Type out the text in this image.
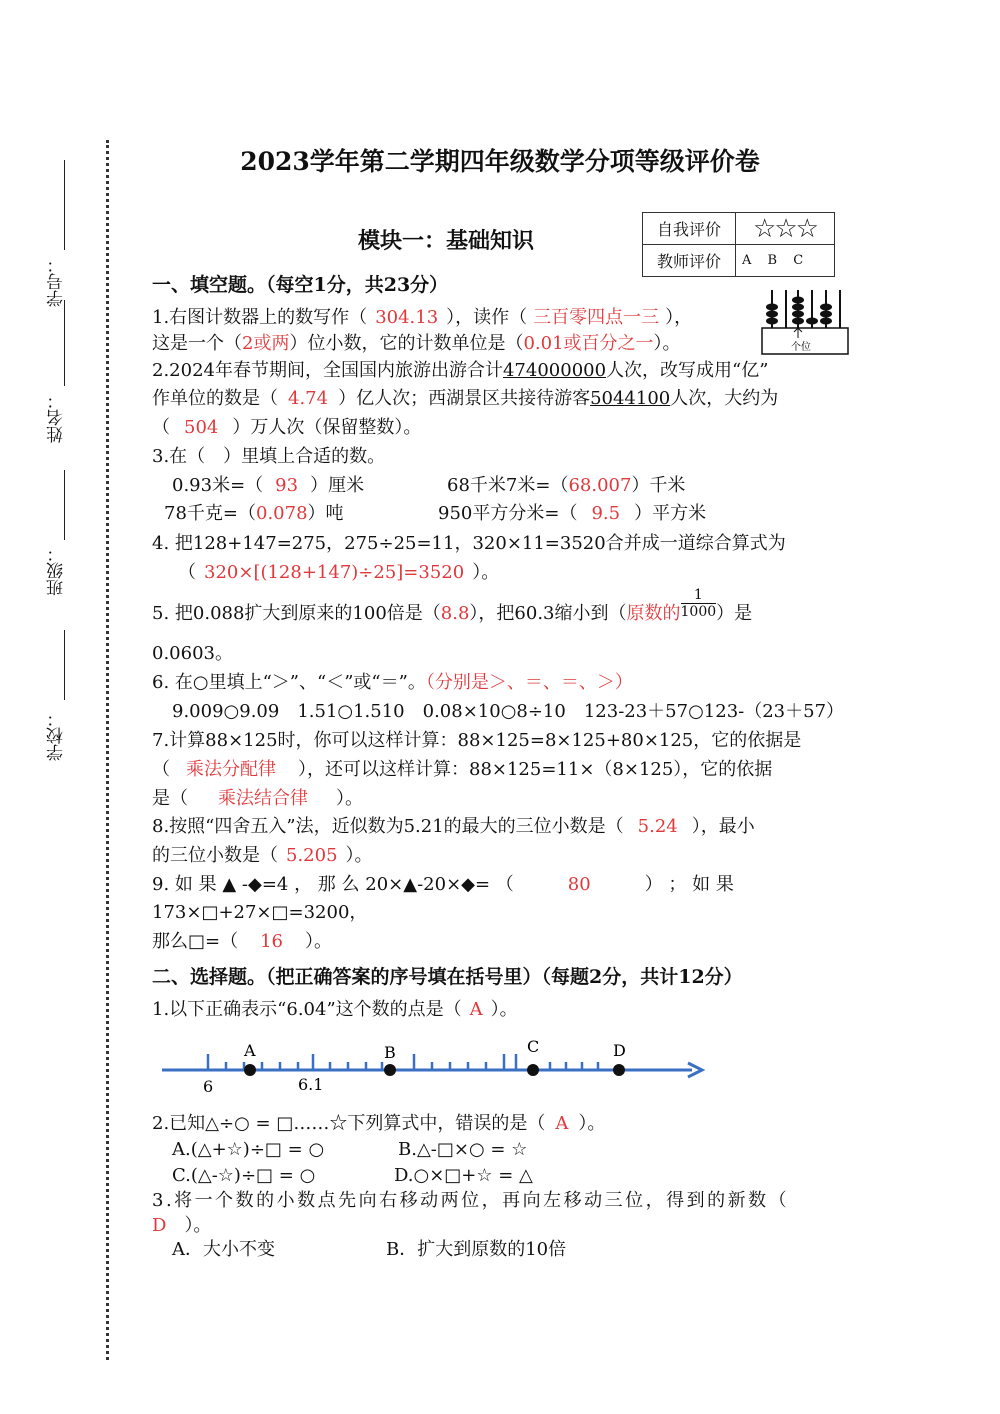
学号：
姓名：
班级：
学校：
2023学年第二学期四年级数学分项等级评价卷
模块一：基础知识	自我评价	☆☆☆
教师评价	A B C
一、填空题。（每空1分，共23分）
1.右图计数器上的数写作（ 304.13 ），读作（ 三百零四点一三 ），
这是一个（2或两）位小数，它的计数单位是（0.01或百分之一）。	个位
2.2024年春节期间，全国国内旅游出游合计474000000人次，改写成用“亿”
作单位的数是（ 4.74 ）亿人次；西湖景区共接待游客5044100人次，大约为
（ 504 ）万人次（保留整数）。
3.在（　）里填上合适的数。
0.93米=（ 93 ）厘米	68千米7米=（68.007）千米
78千克=（0.078）吨	950平方分米=（ 9.5 ）平方米
4. 把128+147=275，275÷25=11，320×11=3520合并成一道综合算式为
（ 320×[(128+147)÷25]=3520 ）。
5. 把0.088扩大到原来的100倍是（8.8），把60.3缩小到（原数的 $\frac{1}{1000}$ ）是
0.0603。
6. 在○里填上“＞”、“＜”或“＝”。（分别是＞、＝、＝、＞）
9.009○9.09　1.51○1.510　0.08×10○8÷10　123-23＋57○123-（23＋57）
7.计算88×125时，你可以这样计算：88×125=8×125+80×125，它的依据是
（ 乘法分配律 ），还可以这样计算：88×125=11×（8×125），它的依据
是（ 乘法结合律 ）。
8.按照“四舍五入”法，近似数为5.21的最大的三位小数是（ 5.24 ），最小
的三位小数是（ 5.205 ）。
9. 如 果 ▲ -◆=4 ， 那 么 20×▲-20×◆= （	80	） ； 如 果
173×□+27×□=3200，
那么□=（ 16 ）。
二、选择题。（把正确答案的序号填在括号里）（每题2分，共计12分）
1.以下正确表示“6.04”这个数的点是（ A ）。
A	B	C	D
6	6.1
2.已知△÷○ = □……☆下列算式中，错误的是（ A ）。
A.(△+☆)÷□ = ○	B.△-□×○ = ☆
C.(△-☆)÷□ = ○	D.○×□+☆ = △
3.将一个数的小数点先向右移动两位，再向左移动三位，得到的新数（
D ）。
A．大小不变	B．扩大到原数的10倍
